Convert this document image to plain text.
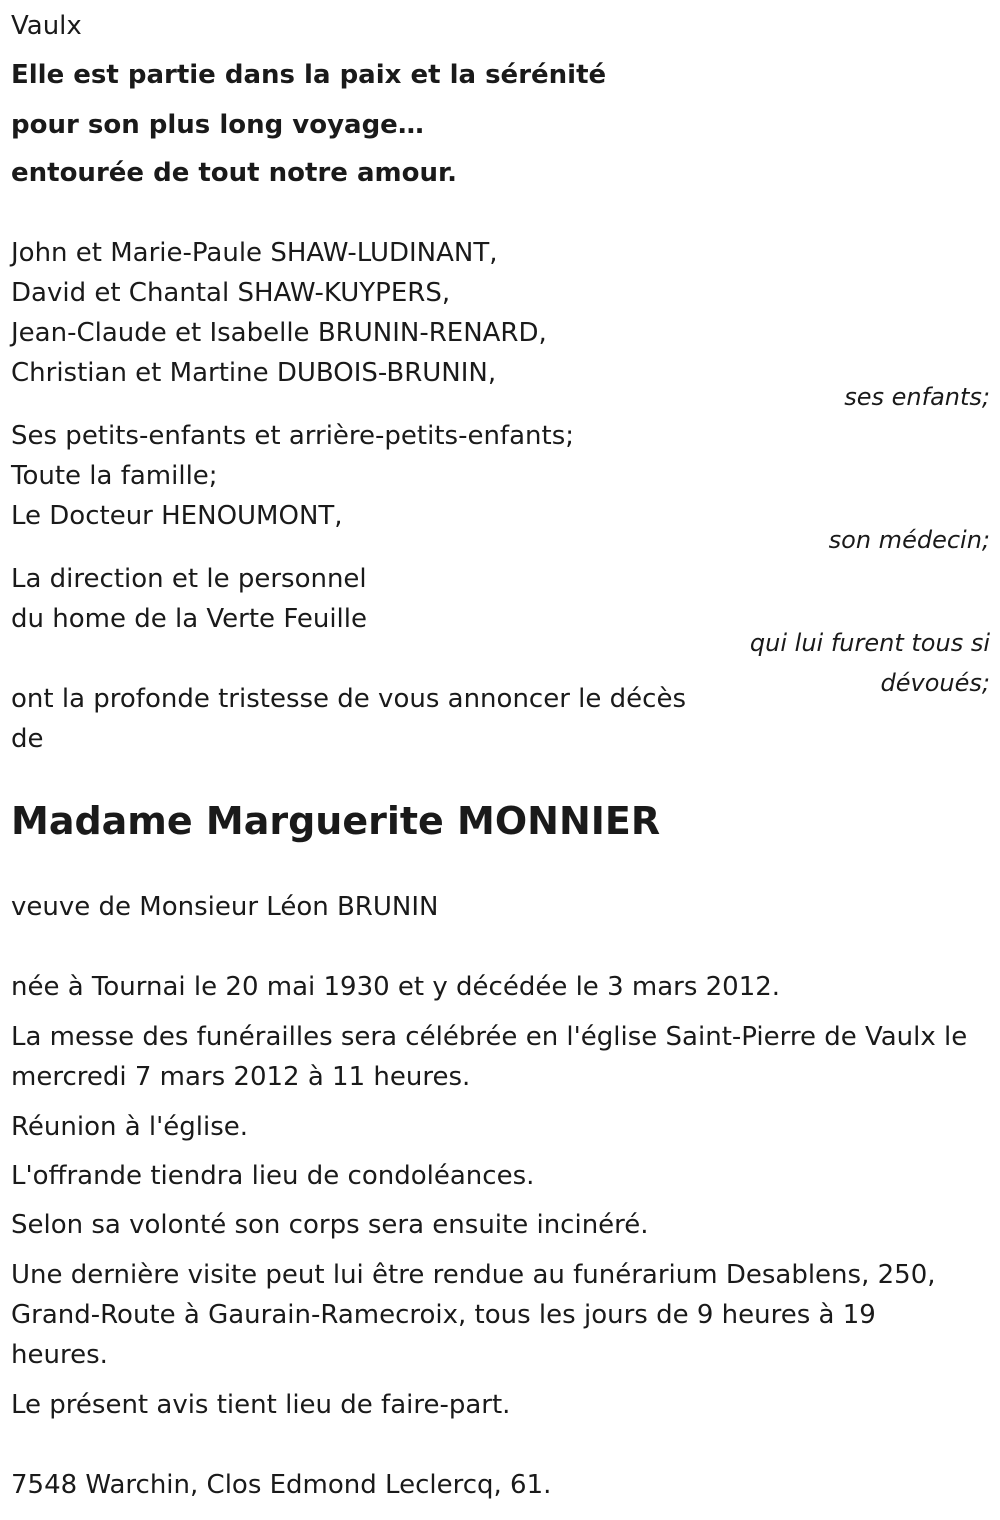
Vaulx
Elle est partie dans la paix et la sérénité
pour son plus long voyage…
entourée de tout notre amour.
John et Marie-Paule SHAW-LUDINANT,
David et Chantal SHAW-KUYPERS,
Jean-Claude et Isabelle BRUNIN-RENARD,
Christian et Martine DUBOIS-BRUNIN,
ses enfants;
Ses petits-enfants et arrière-petits-enfants;
Toute la famille;
Le Docteur HENOUMONT,
son médecin;
La direction et le personnel
du home de la Verte Feuille
qui lui furent tous si
dévoués;
ont la profonde tristesse de vous annoncer le décès
de
Madame Marguerite MONNIER
veuve de Monsieur Léon BRUNIN
née à Tournai le 20 mai 1930 et y décédée le 3 mars 2012.
La messe des funérailles sera célébrée en l'église Saint-Pierre de Vaulx le
mercredi 7 mars 2012 à 11 heures.
Réunion à l'église.
L'offrande tiendra lieu de condoléances.
Selon sa volonté son corps sera ensuite incinéré.
Une dernière visite peut lui être rendue au funérarium Desablens, 250,
Grand-Route à Gaurain-Ramecroix, tous les jours de 9 heures à 19
heures.
Le présent avis tient lieu de faire-part.
7548 Warchin, Clos Edmond Leclercq, 61.
